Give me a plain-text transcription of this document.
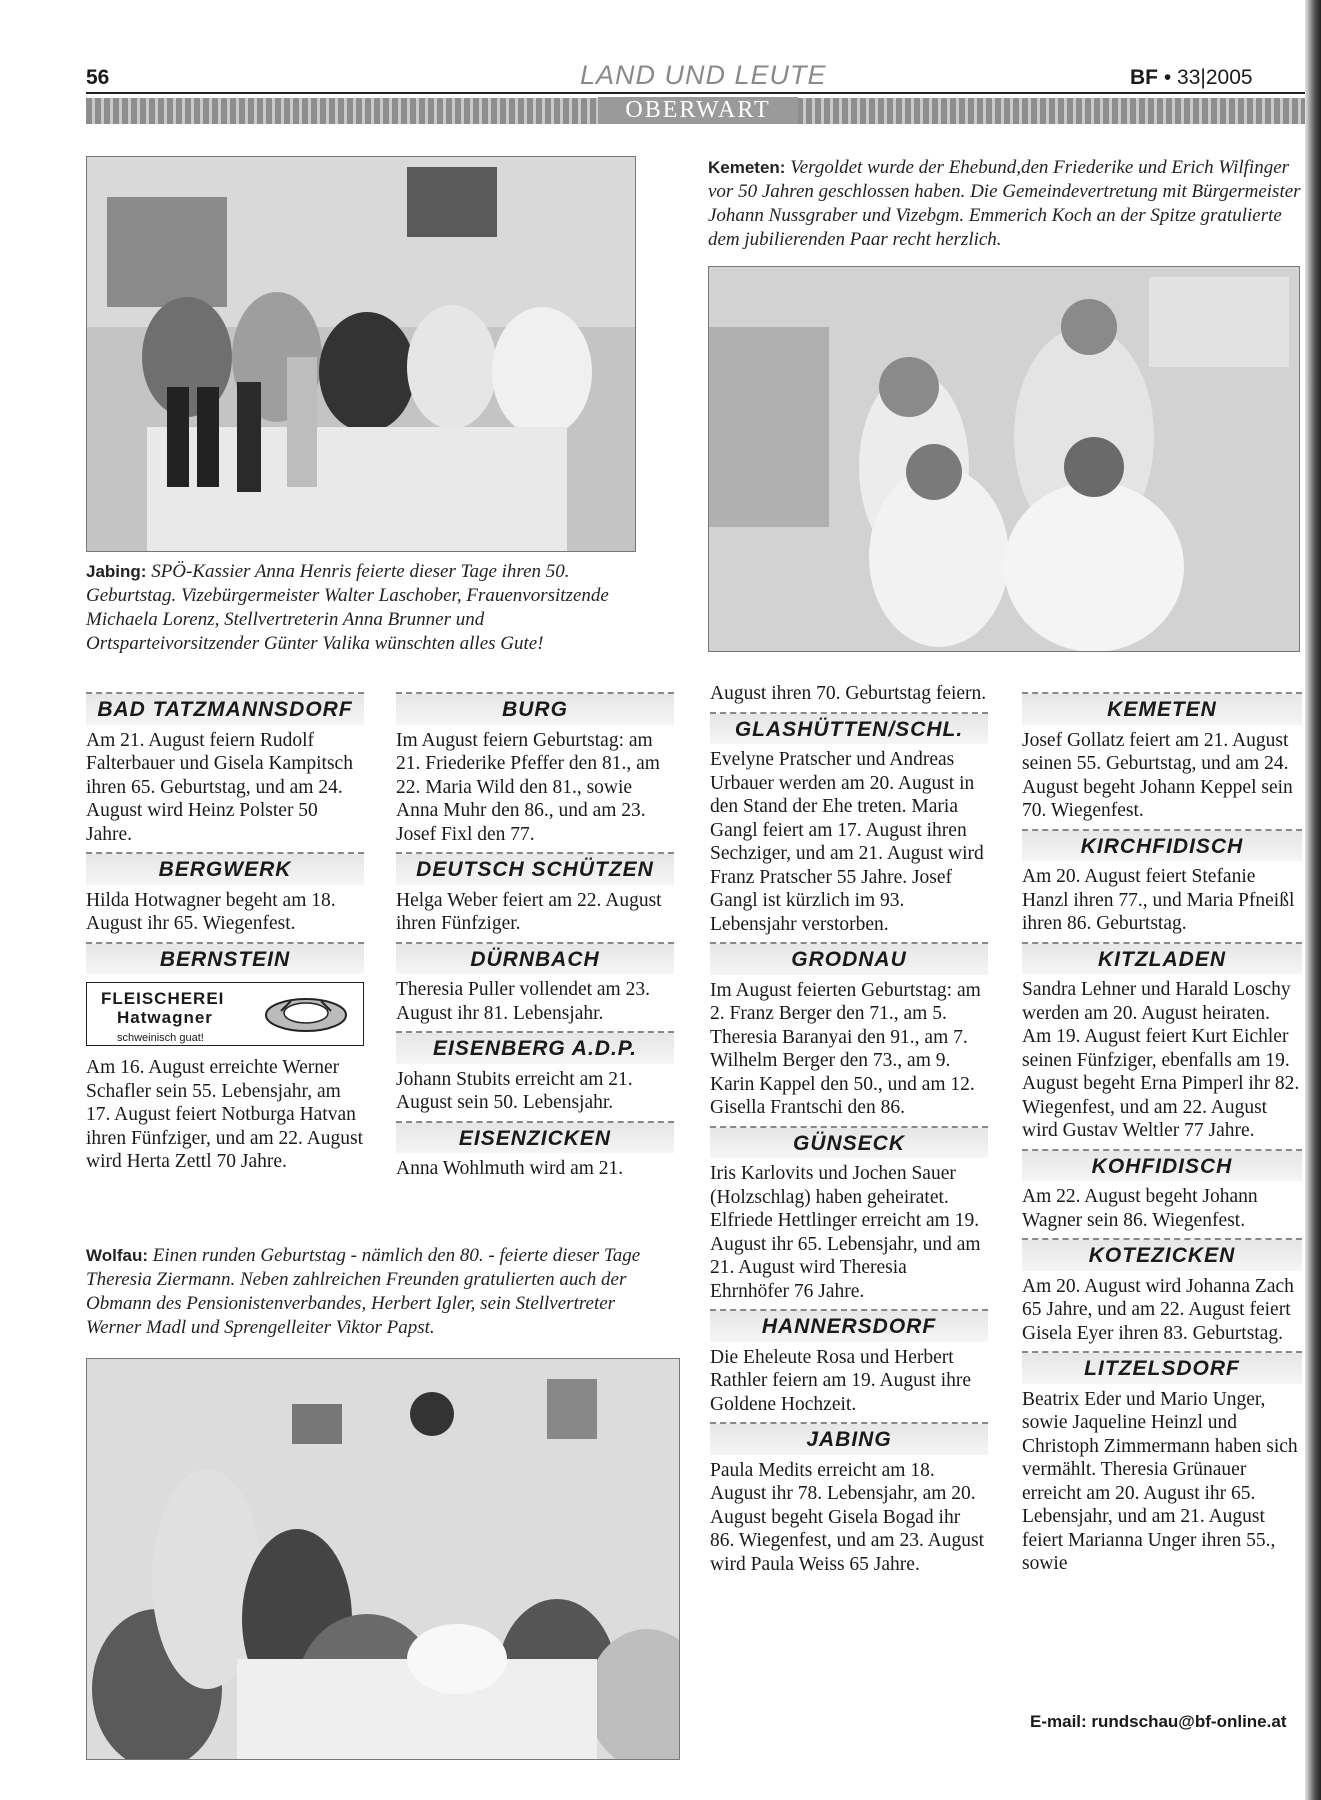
56	LAND UND LEUTE	BF • 33|2005
OBERWART
Kemeten: Vergoldet wurde der Ehebund,den Friederike und Erich Wilfinger vor 50 Jahren geschlossen haben. Die Gemeindevertretung mit Bürgermeister Johann Nussgraber und Vizebgm. Emmerich Koch an der Spitze gratulierte dem jubilierenden Paar recht herzlich.
Jabing: SPÖ-Kassier Anna Henris feierte dieser Tage ihren 50. Geburtstag. Vizebürgermeister Walter Laschober, Frauenvorsitzende Michaela Lorenz, Stellvertreterin Anna Brunner und Ortsparteivorsitzender Günter Valika wünschten alles Gute!
BAD TATZMANNSDORF
Am 21. August feiern Rudolf Falterbauer und Gisela Kampitsch ihren 65. Geburtstag, und am 24. August wird Heinz Polster 50 Jahre.
BERGWERK
Hilda Hotwagner begeht am 18. August ihr 65. Wiegenfest.
BERNSTEIN
FLEISCHEREI
Hatwagner
schweinisch guat!
Am 16. August erreichte Werner Schafler sein 55. Lebensjahr, am 17. August feiert Notburga Hatvan ihren Fünfziger, und am 22. August wird Herta Zettl 70 Jahre.
BURG
Im August feiern Geburtstag: am 21. Friederike Pfeffer den 81., am 22. Maria Wild den 81., sowie Anna Muhr den 86., und am 23. Josef Fixl den 77.
DEUTSCH SCHÜTZEN
Helga Weber feiert am 22. August ihren Fünfziger.
DÜRNBACH
Theresia Puller vollendet am 23. August ihr 81. Lebensjahr.
EISENBERG A.D.P.
Johann Stubits erreicht am 21. August sein 50. Lebensjahr.
EISENZICKEN
Anna Wohlmuth wird am 21.
Wolfau: Einen runden Geburtstag - nämlich den 80. - feierte dieser Tage Theresia Ziermann. Neben zahlreichen Freunden gratulierten auch der Obmann des Pensionistenverbandes, Herbert Igler, sein Stellvertreter Werner Madl und Sprengelleiter Viktor Papst.
August ihren 70. Geburtstag feiern.
GLASHÜTTEN/SCHL.
Evelyne Pratscher und Andreas Urbauer werden am 20. August in den Stand der Ehe treten. Maria Gangl feiert am 17. August ihren Sechziger, und am 21. August wird Franz Pratscher 55 Jahre. Josef Gangl ist kürzlich im 93. Lebensjahr verstorben.
GRODNAU
Im August feierten Geburtstag: am 2. Franz Berger den 71., am 5. Theresia Baranyai den 91., am 7. Wilhelm Berger den 73., am 9. Karin Kappel den 50., und am 12. Gisella Frantschi den 86.
GÜNSECK
Iris Karlovits und Jochen Sauer (Holzschlag) haben geheiratet. Elfriede Hettlinger erreicht am 19. August ihr 65. Lebensjahr, und am 21. August wird Theresia Ehrnhöfer 76 Jahre.
HANNERSDORF
Die Eheleute Rosa und Herbert Rathler feiern am 19. August ihre Goldene Hochzeit.
JABING
Paula Medits erreicht am 18. August ihr 78. Lebensjahr, am 20. August begeht Gisela Bogad ihr 86. Wiegenfest, und am 23. August wird Paula Weiss 65 Jahre.
KEMETEN
Josef Gollatz feiert am 21. August seinen 55. Geburtstag, und am 24. August begeht Johann Keppel sein 70. Wiegenfest.
KIRCHFIDISCH
Am 20. August feiert Stefanie Hanzl ihren 77., und Maria Pfneißl ihren 86. Geburtstag.
KITZLADEN
Sandra Lehner und Harald Loschy werden am 20. August heiraten. Am 19. August feiert Kurt Eichler seinen Fünfziger, ebenfalls am 19. August begeht Erna Pimperl ihr 82. Wiegenfest, und am 22. August wird Gustav Weltler 77 Jahre.
KOHFIDISCH
Am 22. August begeht Johann Wagner sein 86. Wiegenfest.
KOTEZICKEN
Am 20. August wird Johanna Zach 65 Jahre, und am 22. August feiert Gisela Eyer ihren 83. Geburtstag.
LITZELSDORF
Beatrix Eder und Mario Unger, sowie Jaqueline Heinzl und Christoph Zimmermann haben sich vermählt. Theresia Grünauer erreicht am 20. August ihr 65. Lebensjahr, und am 21. August feiert Marianna Unger ihren 55., sowie
E-mail: rundschau@bf-online.at
